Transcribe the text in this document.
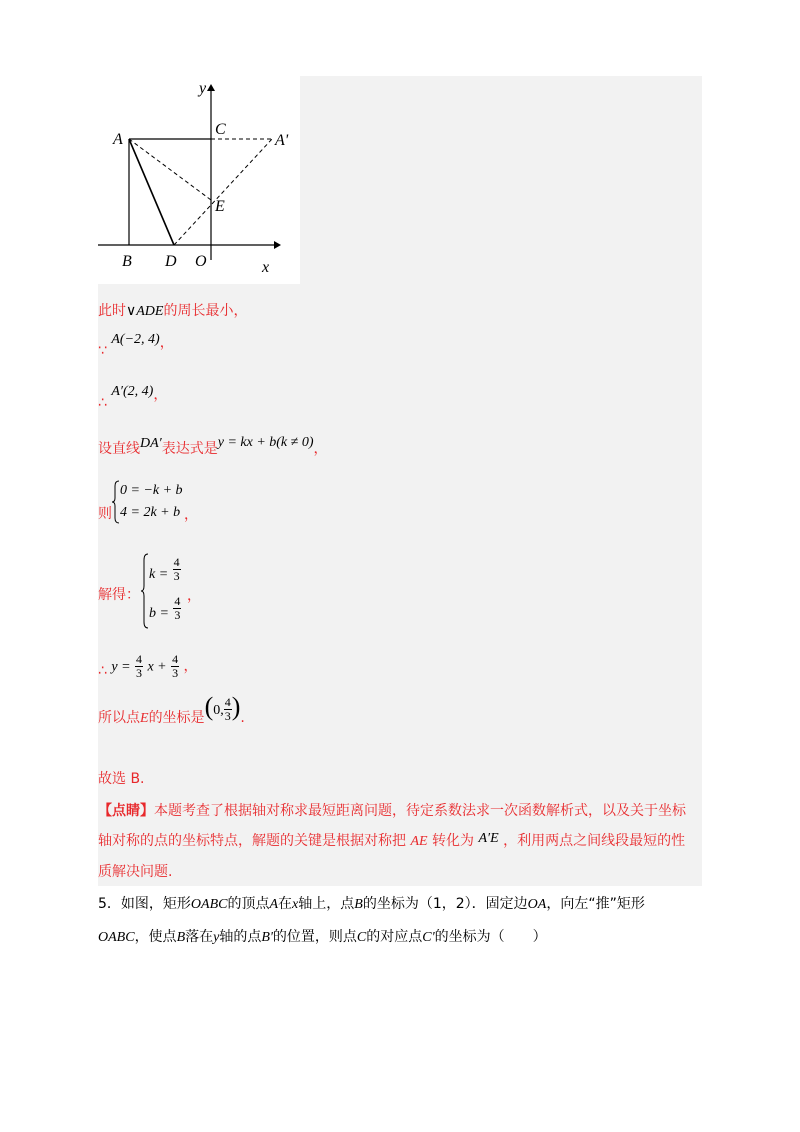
y
x
A
C
A'
E
B D O
此时∨ADE的周长最小，
∵ A(−2, 4)，
∴ A′(2, 4)，
设直线DA′表达式是y = kx + b(k ≠ 0)，
则
0 = −k + b
4 = 2k + b ，
解得：
$k = \frac{4}{3}$
$b = \frac{4}{3}$ ，
∴ $y = \frac{4}{3}$ $x + \frac{4}{3}$ ，
所以点E的坐标是(0, $\frac{4}{3}$ ).
故选 B.
【点睛】本题考查了根据轴对称求最短距离问题，待定系数法求一次函数解析式，以及关于坐标
轴对称的点的坐标特点，解题的关键是根据对称把 AE 转化为 A′E ，利用两点之间线段最短的性
质解决问题.
5．如图，矩形OABC的顶点A在x轴上，点B的坐标为（1，2）．固定边OA，向左“推”矩形
OABC，使点B落在y轴的点B'的位置，则点C的对应点C'的坐标为（　　）
